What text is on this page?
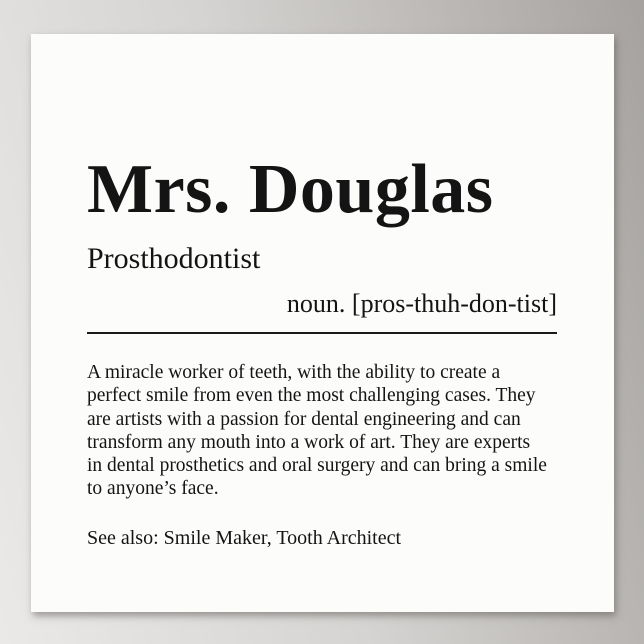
Mrs. Douglas
Prosthodontist
noun. [pros-thuh-don-tist]
A miracle worker of teeth, with the ability to create a
perfect smile from even the most challenging cases. They
are artists with a passion for dental engineering and can
transform any mouth into a work of art. They are experts
in dental prosthetics and oral surgery and can bring a smile
to anyone’s face.
See also: Smile Maker, Tooth Architect
